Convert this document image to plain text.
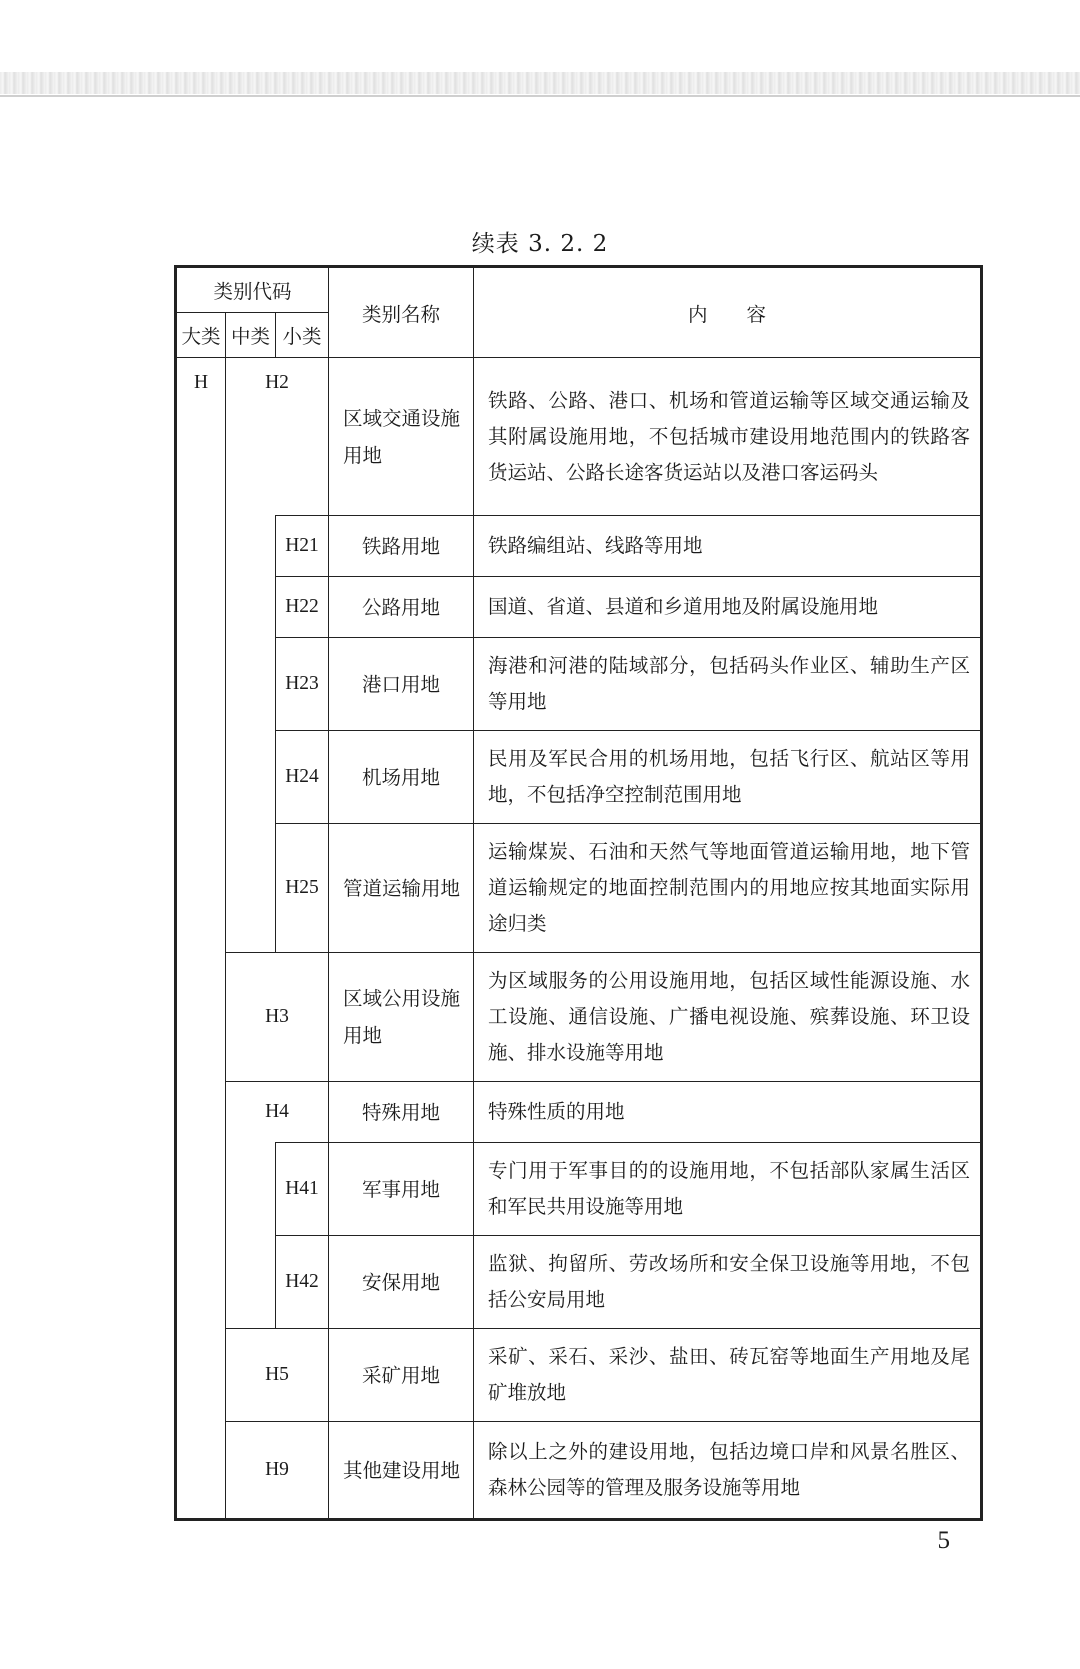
续表 3. 2. 2
类别代码			类别名称	内　　容
大类	中类	小类		
H	H2		区域交通设施用地	铁路、公路、港口、机场和管道运输等区域交通运输及其附属设施用地，不包括城市建设用地范围内的铁路客货运站、公路长途客货运站以及港口客运码头
		H21	铁路用地	铁路编组站、线路等用地
		H22	公路用地	国道、省道、县道和乡道用地及附属设施用地
		H23	港口用地	海港和河港的陆域部分，包括码头作业区、辅助生产区等用地
		H24	机场用地	民用及军民合用的机场用地，包括飞行区、航站区等用地，不包括净空控制范围用地
		H25	管道运输用地	运输煤炭、石油和天然气等地面管道运输用地，地下管道运输规定的地面控制范围内的用地应按其地面实际用途归类
	H3		区域公用设施用地	为区域服务的公用设施用地，包括区域性能源设施、水工设施、通信设施、广播电视设施、殡葬设施、环卫设施、排水设施等用地
	H4		特殊用地	特殊性质的用地
		H41	军事用地	专门用于军事目的的设施用地，不包括部队家属生活区和军民共用设施等用地
		H42	安保用地	监狱、拘留所、劳改场所和安全保卫设施等用地，不包括公安局用地
	H5		采矿用地	采矿、采石、采沙、盐田、砖瓦窑等地面生产用地及尾矿堆放地
	H9		其他建设用地	除以上之外的建设用地，包括边境口岸和风景名胜区、森林公园等的管理及服务设施等用地
5
